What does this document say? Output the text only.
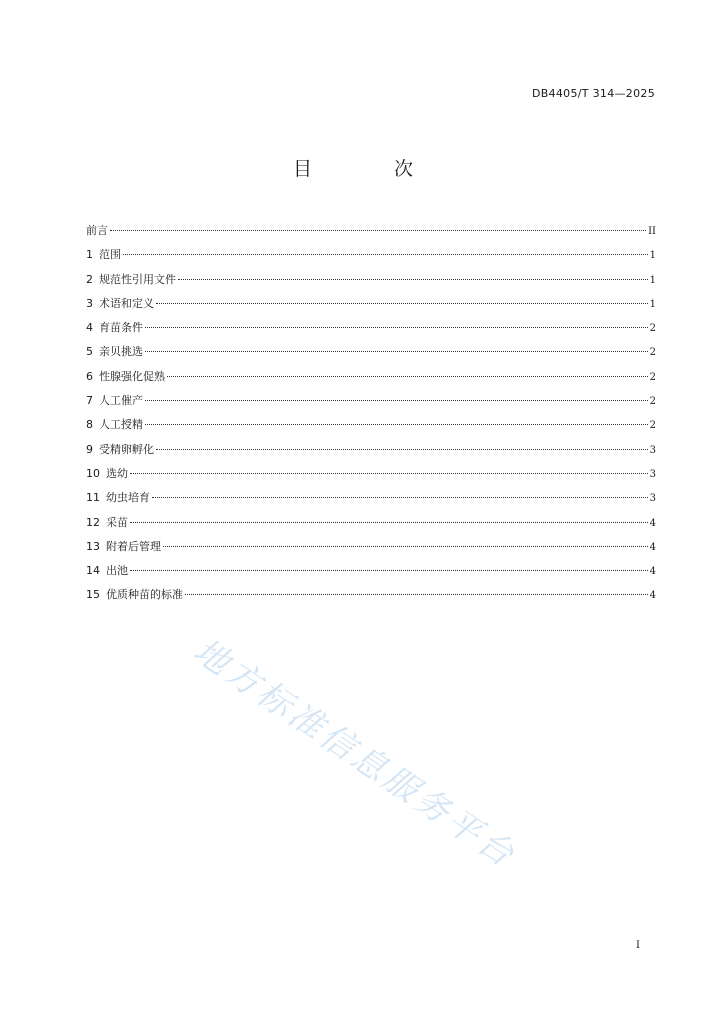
DB4405/T 314—2025
目 次
前言	II
1 范围	1
2 规范性引用文件	1
3 术语和定义	1
4 育苗条件	2
5 亲贝挑选	2
6 性腺强化促熟	2
7 人工催产	2
8 人工授精	2
9 受精卵孵化	3
10 选幼	3
11 幼虫培育	3
12 采苗	4
13 附着后管理	4
14 出池	4
15 优质种苗的标准	4
地方标准信息服务平台
I
